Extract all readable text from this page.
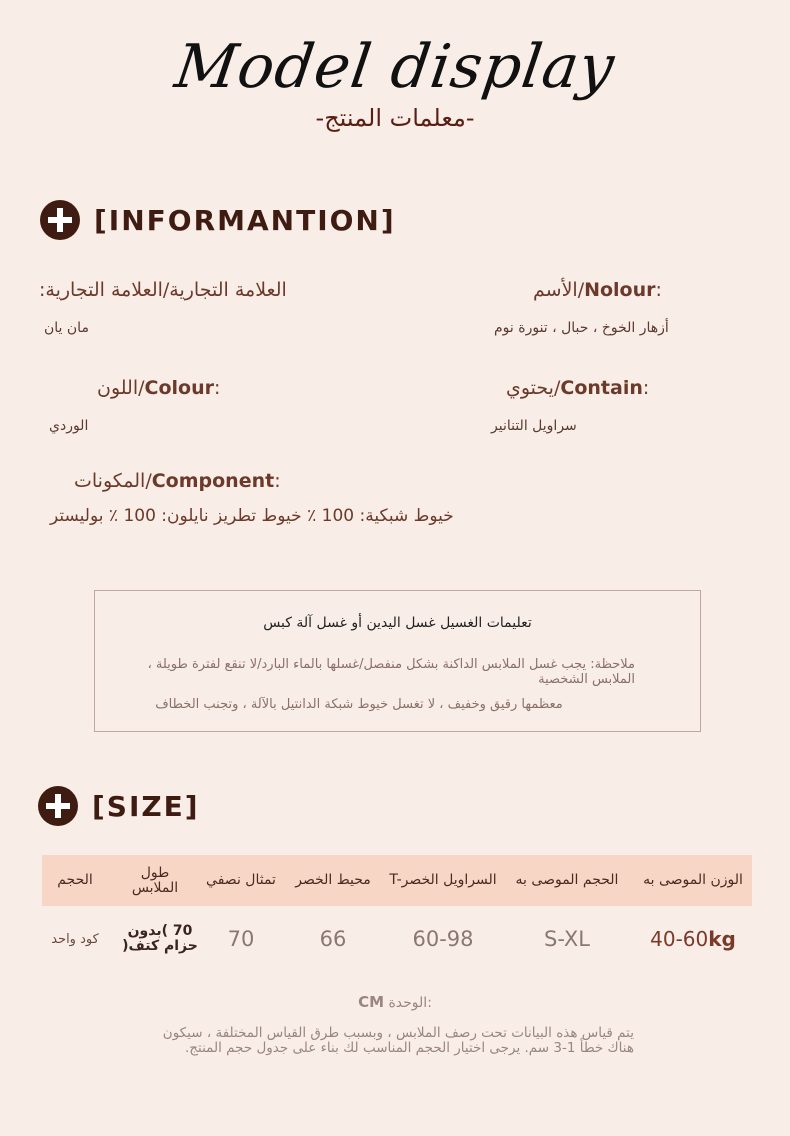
Model display
-معلمات المنتج-
[INFORMANTION]
الأسم/Nolour:
أزهار الخوخ ، حبال ، تنورة نوم
العلامة التجارية/العلامة التجارية:
مان يان
يحتوي/Contain:
سراويل التنانير
اللون/Colour:
الوردي
المكونات/Component:
خيوط شبكية: 100 ٪ خيوط تطريز نايلون: 100 ٪ بوليستر
تعليمات الغسيل غسل اليدين أو غسل آلة كبس
ملاحظة: يجب غسل الملابس الداكنة بشكل منفصل/غسلها بالماء البارد/لا تنقع لفترة طويلة ، الملابس الشخصية
معظمها رقيق وخفيف ، لا تغسل خيوط شبكة الدانتيل بالآلة ، وتجنب الخطاف
[SIZE]
الحجم	طول الملابس	تمثال نصفي	محيط الخصر	T-السراويل الخصر	الحجم الموصى به	الوزن الموصى به
كود واحد	70 )بدون حزام كتف(	70	66	60-98	S-XL	40-60kg
CM الوحدة:
يتم قياس هذه البيانات تحت رصف الملابس ، وبسبب طرق القياس المختلفة ، سيكون هناك خطأ 1-3 سم. يرجى اختيار الحجم المناسب لك بناء على جدول حجم المنتج.
